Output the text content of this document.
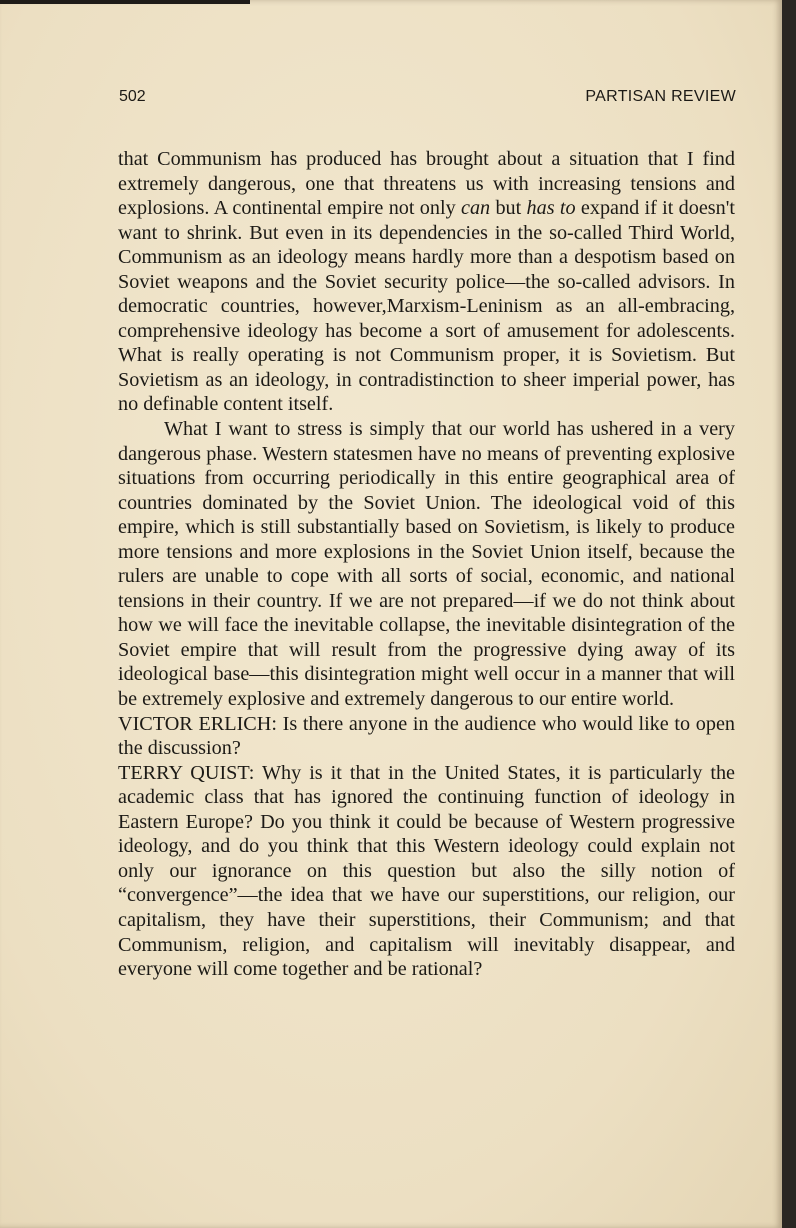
502	PARTISAN REVIEW

that Communism has produced has brought about a situation that I find extremely dangerous, one that threatens us with increasing tensions and explosions. A continental empire not only can but has to expand if it doesn't want to shrink. But even in its dependencies in the so-called Third World, Communism as an ideology means hardly more than a despotism based on Soviet weapons and the Soviet security police—the so-called advisors. In democratic countries, however,Marxism-Leninism as an all-embracing, comprehensive ideology has become a sort of amusement for adolescents. What is really operating is not Communism proper, it is Sovietism. But Sovietism as an ideology, in contradistinction to sheer imperial power, has no definable content itself.

What I want to stress is simply that our world has ushered in a very dangerous phase. Western statesmen have no means of preventing explosive situations from occurring periodically in this entire geographical area of countries dominated by the Soviet Union. The ideological void of this empire, which is still substantially based on Sovietism, is likely to produce more tensions and more explosions in the Soviet Union itself, because the rulers are unable to cope with all sorts of social, economic, and national tensions in their country. If we are not prepared—if we do not think about how we will face the inevitable collapse, the inevitable disintegration of the Soviet empire that will result from the progressive dying away of its ideological base—this disintegration might well occur in a manner that will be extremely explosive and extremely dangerous to our entire world.

VICTOR ERLICH: Is there anyone in the audience who would like to open the discussion?

TERRY QUIST: Why is it that in the United States, it is particularly the academic class that has ignored the continuing function of ideology in Eastern Europe? Do you think it could be because of Western progressive ideology, and do you think that this Western ideology could explain not only our ignorance on this question but also the silly notion of “convergence”—the idea that we have our superstitions, our religion, our capitalism, they have their superstitions, their Communism; and that Communism, religion, and capitalism will inevitably disappear, and everyone will come together and be rational?
